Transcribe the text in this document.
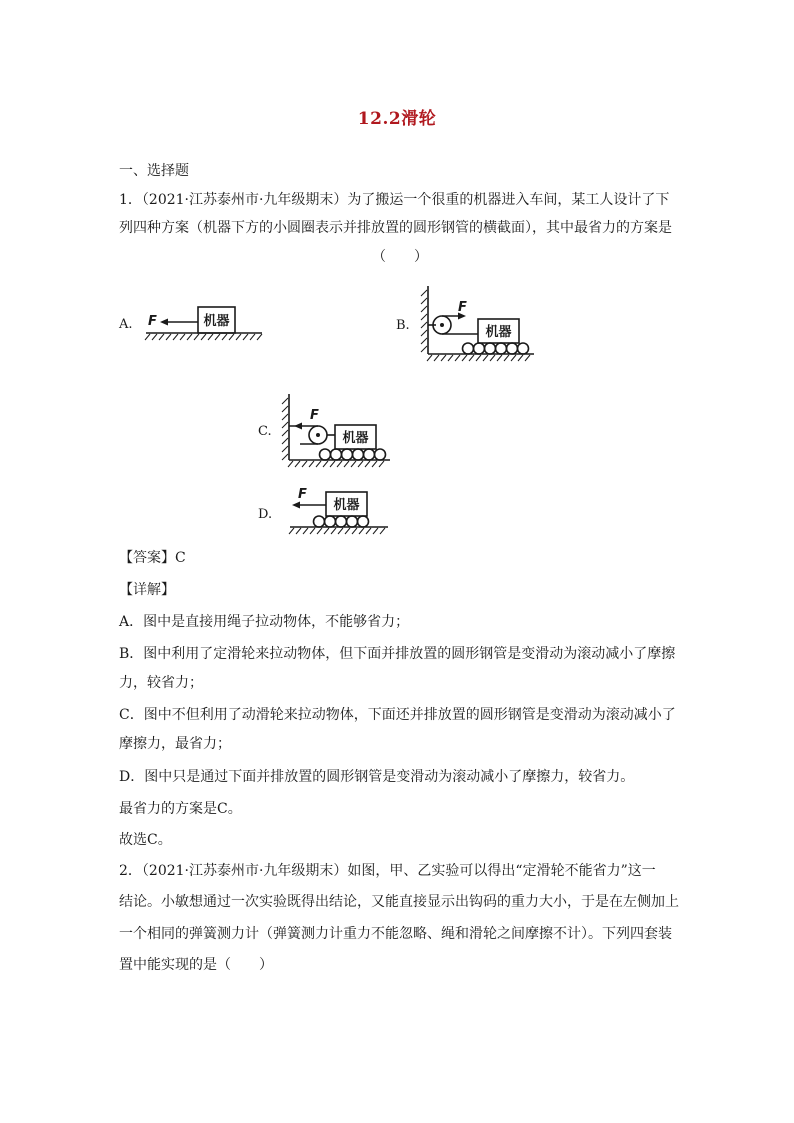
12.2滑轮
一、选择题
1．（2021·江苏泰州市·九年级期末）为了搬运一个很重的机器进入车间，某工人设计了下
列四种方案（机器下方的小圆圈表示并排放置的圆形钢管的横截面），其中最省力的方案是
（　　）
A. F	机器	B.
F
机器
C.
F
机器
D.
F
机器
【答案】C
【详解】
A．图中是直接用绳子拉动物体，不能够省力；
B．图中利用了定滑轮来拉动物体，但下面并排放置的圆形钢管是变滑动为滚动减小了摩擦
力，较省力；
C．图中不但利用了动滑轮来拉动物体，下面还并排放置的圆形钢管是变滑动为滚动减小了
摩擦力，最省力；
D．图中只是通过下面并排放置的圆形钢管是变滑动为滚动减小了摩擦力，较省力。
最省力的方案是C。
故选C。
2．（2021·江苏泰州市·九年级期末）如图，甲、乙实验可以得出“定滑轮不能省力”这一
结论。小敏想通过一次实验既得出结论，又能直接显示出钩码的重力大小，于是在左侧加上
一个相同的弹簧测力计（弹簧测力计重力不能忽略、绳和滑轮之间摩擦不计）。下列四套装
置中能实现的是（　　）
